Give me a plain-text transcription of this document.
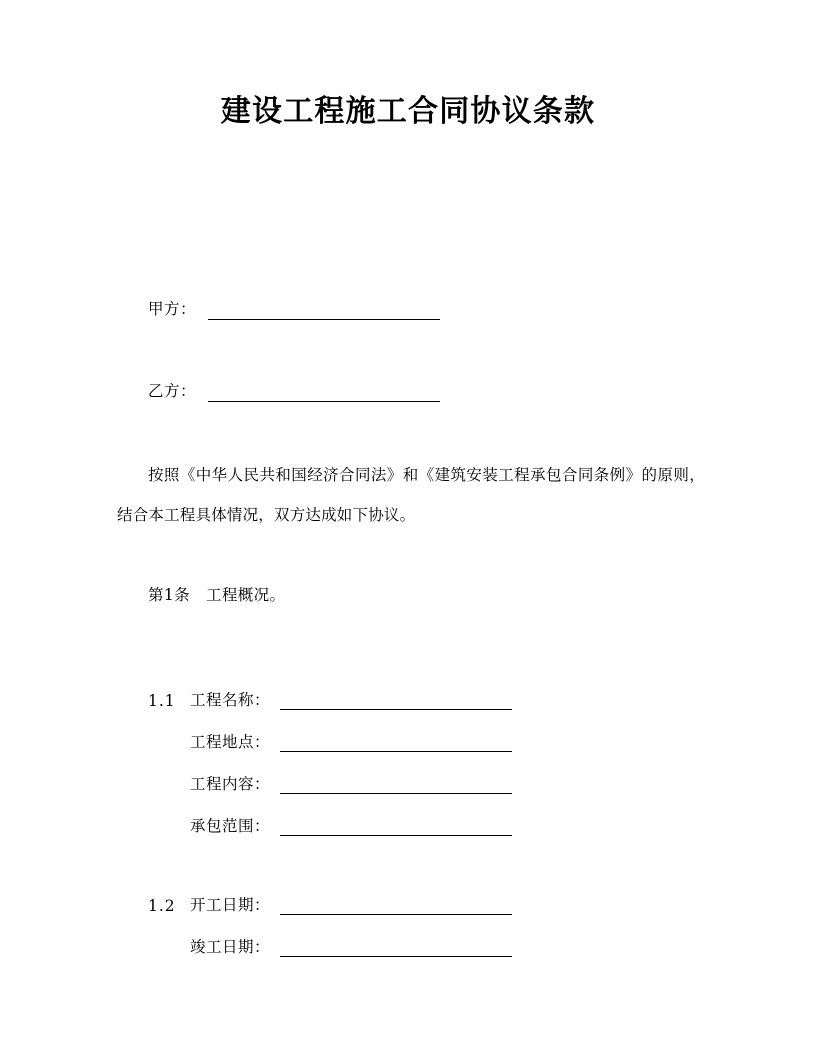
建设工程施工合同协议条款
甲方：
乙方：
按照《中华人民共和国经济合同法》和《建筑安装工程承包合同条例》的原则，结合本工程具体情况，双方达成如下协议。
第1条　工程概况。
1.1 工程名称：
工程地点：
工程内容：
承包范围：
1.2 开工日期：
竣工日期：
